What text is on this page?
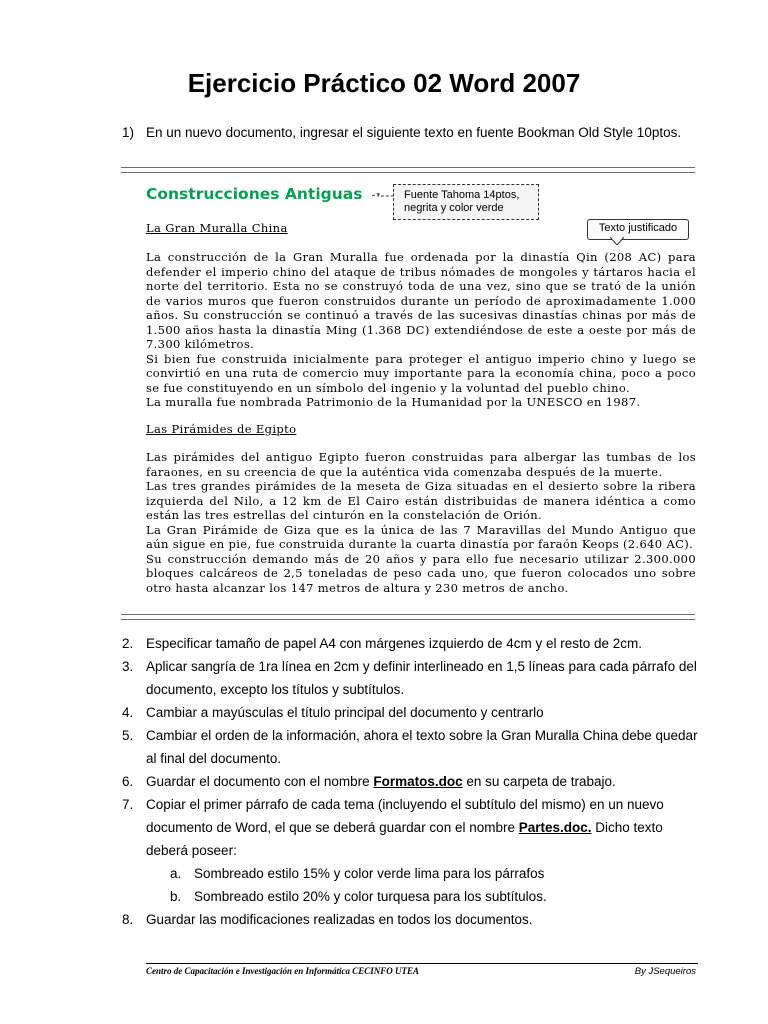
Ejercicio Práctico 02 Word 2007
1) En un nuevo documento, ingresar el siguiente texto en fuente Bookman Old Style 10ptos.
Construcciones Antiguas	Fuente Tahoma 14ptos, negrita y color verde
Texto justificado
La Gran Muralla China

La construcción de la Gran Muralla fue ordenada por la dinastía Qin (208 AC) para defender el imperio chino del ataque de tribus nómades de mongoles y tártaros hacia el norte del territorio. Esta no se construyó toda de una vez, sino que se trató de la unión de varios muros que fueron construidos durante un período de aproximadamente 1.000 años. Su construcción se continuó a través de las sucesivas dinastías chinas por más de 1.500 años hasta la dinastía Ming (1.368 DC) extendiéndose de este a oeste por más de 7.300 kilómetros.

Si bien fue construida inicialmente para proteger el antiguo imperio chino y luego se convirtió en una ruta de comercio muy importante para la economía china, poco a poco se fue constituyendo en un símbolo del ingenio y la voluntad del pueblo chino.

La muralla fue nombrada Patrimonio de la Humanidad por la UNESCO en 1987.

Las Pirámides de Egipto

Las pirámides del antiguo Egipto fueron construidas para albergar las tumbas de los faraones, en su creencia de que la auténtica vida comenzaba después de la muerte.

Las tres grandes pirámides de la meseta de Giza situadas en el desierto sobre la ribera izquierda del Nilo, a 12 km de El Cairo están distribuidas de manera idéntica a como están las tres estrellas del cinturón en la constelación de Orión.

La Gran Pirámide de Giza que es la única de las 7 Maravillas del Mundo Antiguo que aún sigue en pie, fue construida durante la cuarta dinastía por faraón Keops (2.640 AC).

Su construcción demando más de 20 años y para ello fue necesario utilizar 2.300.000 bloques calcáreos de 2,5 toneladas de peso cada uno, que fueron colocados uno sobre otro hasta alcanzar los 147 metros de altura y 230 metros de ancho.

2. Especificar tamaño de papel A4 con márgenes izquierdo de 4cm y el resto de 2cm.
3. Aplicar sangría de 1ra línea en 2cm y definir interlineado en 1,5 líneas para cada párrafo del documento, excepto los títulos y subtítulos.
4. Cambiar a mayúsculas el título principal del documento y centrarlo
5. Cambiar el orden de la información, ahora el texto sobre la Gran Muralla China debe quedar al final del documento.
6. Guardar el documento con el nombre Formatos.doc en su carpeta de trabajo.
7. Copiar el primer párrafo de cada tema (incluyendo el subtítulo del mismo) en un nuevo documento de Word, el que se deberá guardar con el nombre Partes.doc. Dicho texto deberá poseer:
a. Sombreado estilo 15% y color verde lima para los párrafos
b. Sombreado estilo 20% y color turquesa para los subtítulos.
8. Guardar las modificaciones realizadas en todos los documentos.
Centro de Capacitación e Investigación en Informática CECINFO UTEA	By JSequeiros
